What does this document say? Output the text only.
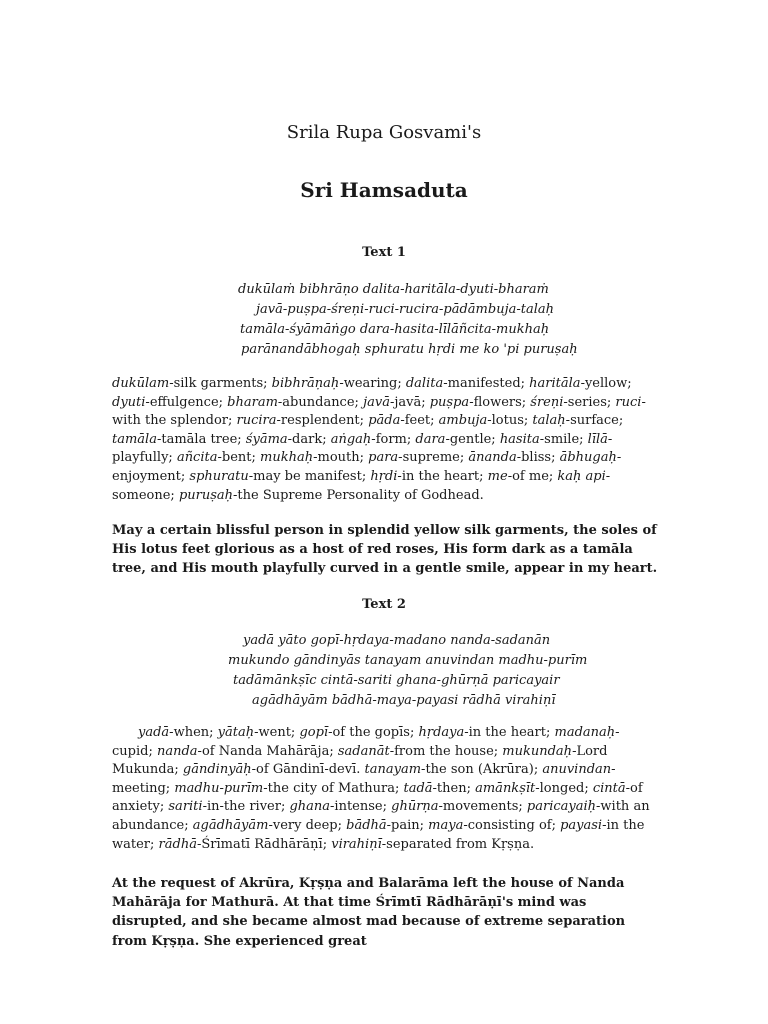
Srila Rupa Gosvami's
Sri Hamsaduta
Text 1
dukūlaṁ bibhrāṇo dalita-haritāla-dyuti-bharaṁ
javā-puṣpa-śreṇi-ruci-rucira-pādāmbuja-talaḥ
tamāla-śyāmāṅgo dara-hasita-līlāñcita-mukhaḥ
parānandābhogaḥ sphuratu hṛdi me ko 'pi puruṣaḥ

dukūlam-silk garments; bibhrāṇaḥ-wearing; dalita-manifested; haritāla-yellow; dyuti-effulgence; bharam-abundance; javā-javā; puṣpa-flowers; śreṇi-series; ruci-with the splendor; rucira-resplendent; pāda-feet; ambuja-lotus; talaḥ-surface; tamāla-tamāla tree; śyāma-dark; aṅgaḥ-form; dara-gentle; hasita-smile; līlā-playfully; añcita-bent; mukhaḥ-mouth; para-supreme; ānanda-bliss; ābhugaḥ-enjoyment; sphuratu-may be manifest; hṛdi-in the heart; me-of me; kaḥ api-someone; puruṣaḥ-the Supreme Personality of Godhead.

May a certain blissful person in splendid yellow silk garments, the soles of His lotus feet glorious as a host of red roses, His form dark as a tamāla tree, and His mouth playfully curved in a gentle smile, appear in my heart.

Text 2
yadā yāto gopī-hṛdaya-madano nanda-sadanān
mukundo gāndinyās tanayam anuvindan madhu-purīm
tadāmānkṣīc cintā-sariti ghana-ghūrṇā paricayair
agādhāyām bādhā-maya-payasi rādhā virahiṇī

yadā-when; yātaḥ-went; gopī-of the gopīs; hṛdaya-in the heart; madanaḥ-cupid; nanda-of Nanda Mahārāja; sadanāt-from the house; mukundaḥ-Lord Mukunda; gāndinyāḥ-of Gāndinī-devī. tanayam-the son (Akrūra); anuvindan-meeting; madhu-purīm-the city of Mathura; tadā-then; amānkṣīt-longed; cintā-of anxiety; sariti-in-the river; ghana-intense; ghūrṇa-movements; paricayaiḥ-with an abundance; agādhāyām-very deep; bādhā-pain; maya-consisting of; payasi-in the water; rādhā-Śrīmatī Rādhārāṇī; virahiṇī-separated from Kṛṣṇa.

At the request of Akrūra, Kṛṣṇa and Balarāma left the house of Nanda Mahārāja for Mathurā. At that time Śrīmtī Rādhārāṇī's mind was disrupted, and she became almost mad because of extreme separation from Kṛṣṇa. She experienced great
